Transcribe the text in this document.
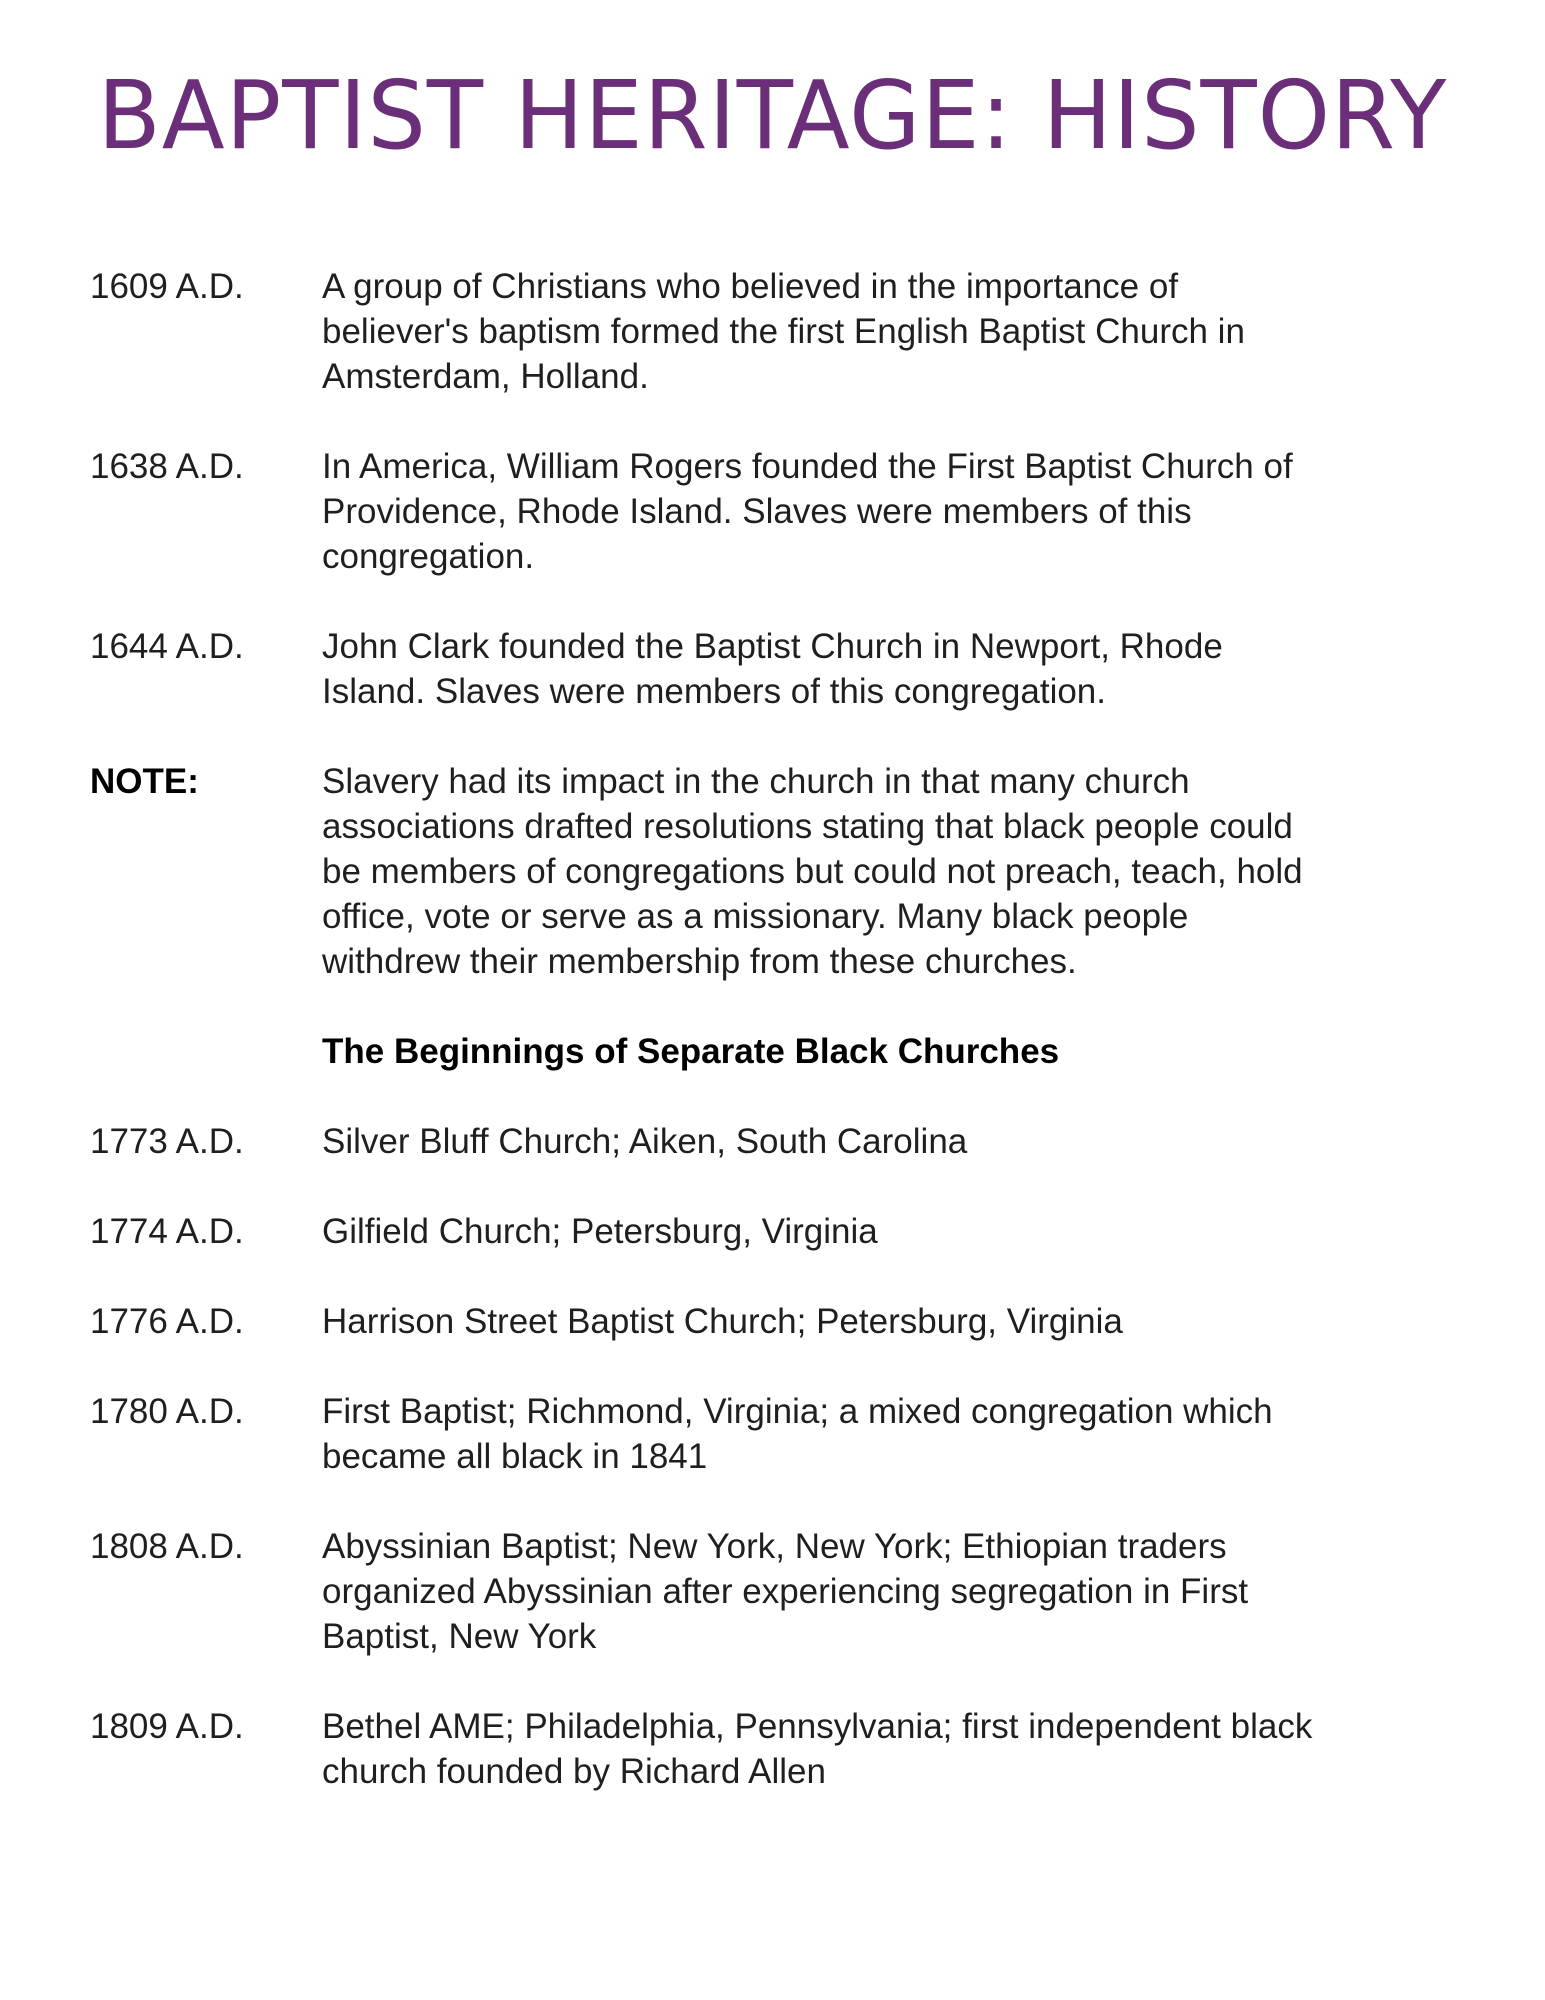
BAPTIST HERITAGE: HISTORY
1609 A.D.	A group of Christians who believed in the importance of
believer's baptism formed the first English Baptist Church in
Amsterdam, Holland.
1638 A.D.	In America, William Rogers founded the First Baptist Church of
Providence, Rhode Island. Slaves were members of this
congregation.
1644 A.D.	John Clark founded the Baptist Church in Newport, Rhode
Island. Slaves were members of this congregation.
NOTE:	Slavery had its impact in the church in that many church
associations drafted resolutions stating that black people could
be members of congregations but could not preach, teach, hold
office, vote or serve as a missionary. Many black people
withdrew their membership from these churches.
The Beginnings of Separate Black Churches
1773 A.D.	Silver Bluff Church; Aiken, South Carolina
1774 A.D.	Gilfield Church; Petersburg, Virginia
1776 A.D.	Harrison Street Baptist Church; Petersburg, Virginia
1780 A.D.	First Baptist; Richmond, Virginia; a mixed congregation which
became all black in 1841
1808 A.D.	Abyssinian Baptist; New York, New York; Ethiopian traders
organized Abyssinian after experiencing segregation in First
Baptist, New York
1809 A.D.	Bethel AME; Philadelphia, Pennsylvania; first independent black
church founded by Richard Allen
